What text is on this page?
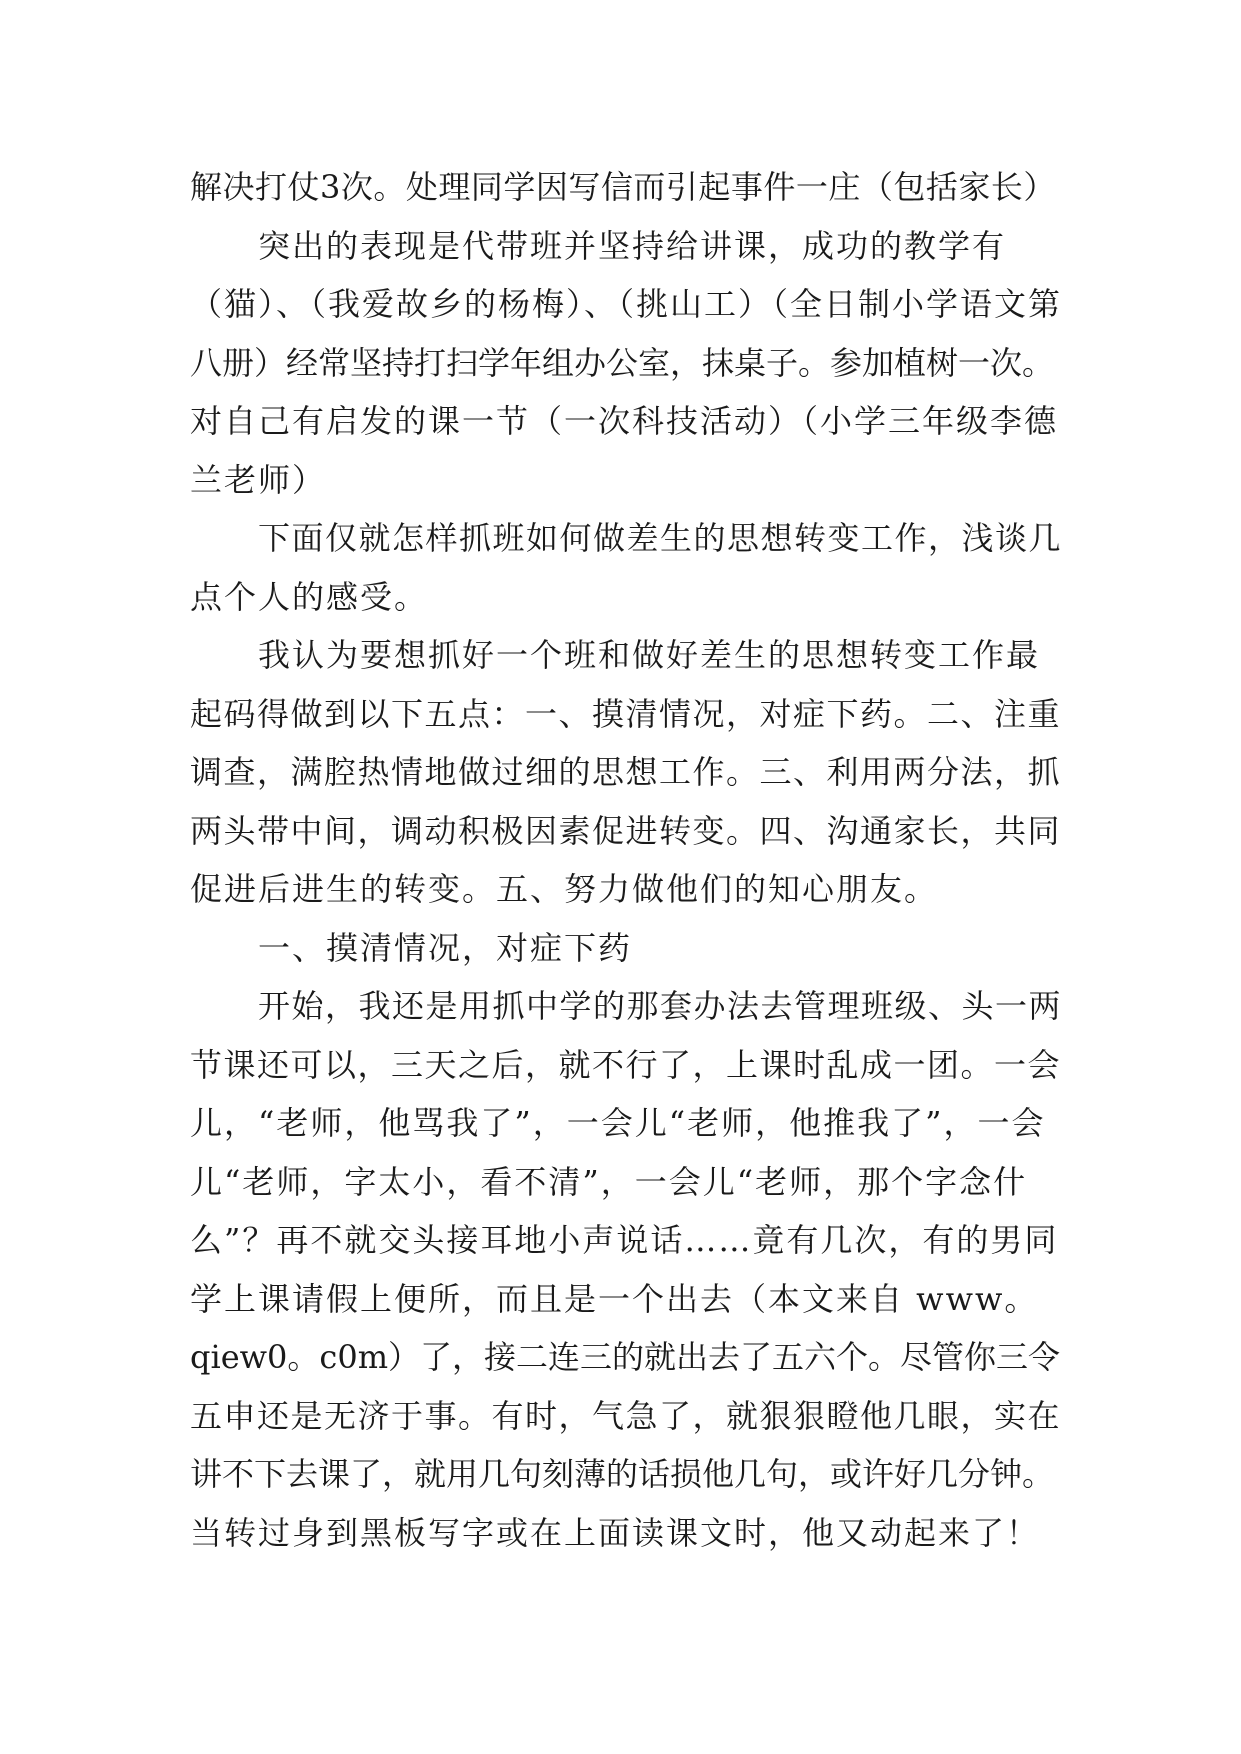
解决打仗3次。处理同学因写信而引起事件一庄（包括家长）
突出的表现是代带班并坚持给讲课，成功的教学有
（猫）、（我爱故乡的杨梅）、（挑山工）（全日制小学语文第
八册）经常坚持打扫学年组办公室，抹桌子。参加植树一次。
对自己有启发的课一节（一次科技活动）（小学三年级李德
兰老师）
下面仅就怎样抓班如何做差生的思想转变工作，浅谈几
点个人的感受。
我认为要想抓好一个班和做好差生的思想转变工作最
起码得做到以下五点：一、摸清情况，对症下药。二、注重
调查，满腔热情地做过细的思想工作。三、利用两分法，抓
两头带中间，调动积极因素促进转变。四、沟通家长，共同
促进后进生的转变。五、努力做他们的知心朋友。
一、摸清情况，对症下药
开始，我还是用抓中学的那套办法去管理班级、头一两
节课还可以，三天之后，就不行了，上课时乱成一团。一会
儿，“老师，他骂我了”，一会儿“老师，他推我了”，一会
儿“老师，字太小，看不清”，一会儿“老师，那个字念什
么”？再不就交头接耳地小声说话……竟有几次，有的男同
学上课请假上便所，而且是一个出去（本文来自 www。
qiew0。c0m）了，接二连三的就出去了五六个。尽管你三令
五申还是无济于事。有时，气急了，就狠狠瞪他几眼，实在
讲不下去课了，就用几句刻薄的话损他几句，或许好几分钟。
当转过身到黑板写字或在上面读课文时，他又动起来了！
